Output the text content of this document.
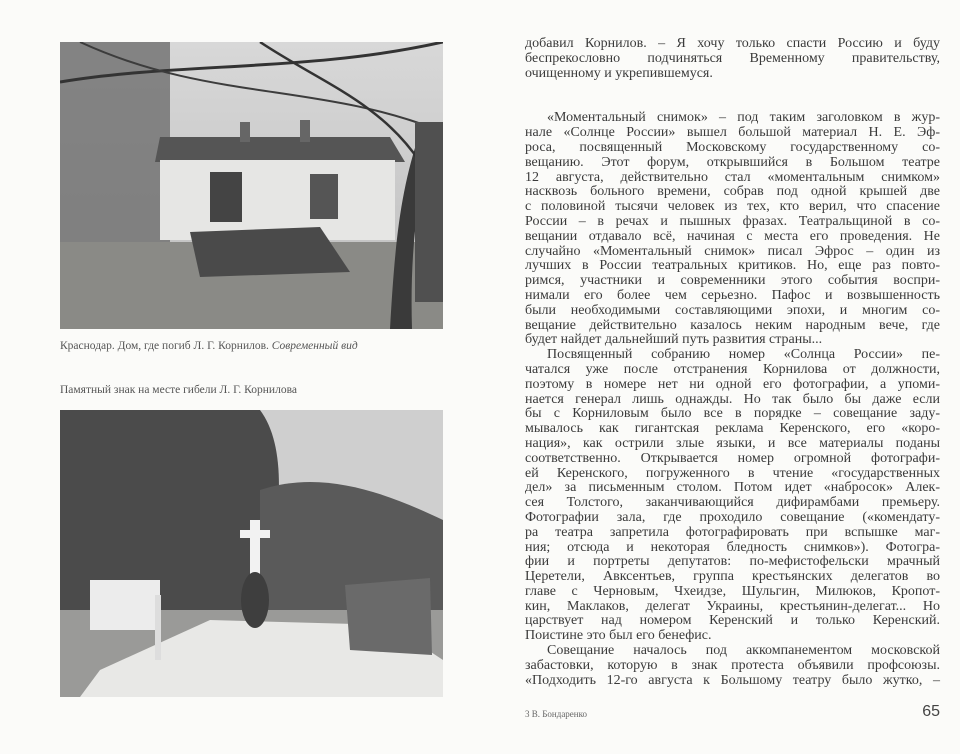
Краснодар. Дом, где погиб Л. Г. Корнилов. Современный вид
Памятный знак на месте гибели Л. Г. Корнилова
добавил Корнилов. – Я хочу только спасти Россию и буду
беспрекословно подчиняться Временному правительству,
очищенному и укрепившемуся.
«Моментальный снимок» – под таким заголовком в жур-
нале «Солнце России» вышел большой материал Н. Е. Эф-
роса, посвященный Московскому государственному со-
вещанию. Этот форум, открывшийся в Большом театре
12 августа, действительно стал «моментальным снимком»
насквозь больного времени, собрав под одной крышей две
с половиной тысячи человек из тех, кто верил, что спасение
России – в речах и пышных фразах. Театральщиной в со-
вещании отдавало всё, начиная с места его проведения. Не
случайно «Моментальный снимок» писал Эфрос – один из
лучших в России театральных критиков. Но, еще раз повто-
римся, участники и современники этого события воспри-
нимали его более чем серьезно. Пафос и возвышенность
были необходимыми составляющими эпохи, и многим со-
вещание действительно казалось неким народным вече, где
будет найдет дальнейший путь развития страны...
Посвященный собранию номер «Солнца России» пе-
чатался уже после отстранения Корнилова от должности,
поэтому в номере нет ни одной его фотографии, а упоми-
нается генерал лишь однажды. Но так было бы даже если
бы с Корниловым было все в порядке – совещание заду-
мывалось как гигантская реклама Керенского, его «коро-
нация», как острили злые языки, и все материалы поданы
соответственно. Открывается номер огромной фотографи-
ей Керенского, погруженного в чтение «государственных
дел» за письменным столом. Потом идет «набросок» Алек-
сея Толстого, заканчивающийся дифирамбами премьеру.
Фотографии зала, где проходило совещание («комендату-
ра театра запретила фотографировать при вспышке маг-
ния; отсюда и некоторая бледность снимков»). Фотогра-
фии и портреты депутатов: по-мефистофельски мрачный
Церетели, Авксентьев, группа крестьянских делегатов во
главе с Черновым, Чхеидзе, Шульгин, Милюков, Кропот-
кин, Маклаков, делегат Украины, крестьянин-делегат... Но
царствует над номером Керенский и только Керенский.
Поистине это был его бенефис.
Совещание началось под аккомпанементом московской
забастовки, которую в знак протеста объявили профсоюзы.
«Подходить 12-го августа к Большому театру было жутко, –
3 В. Бондаренко	65
